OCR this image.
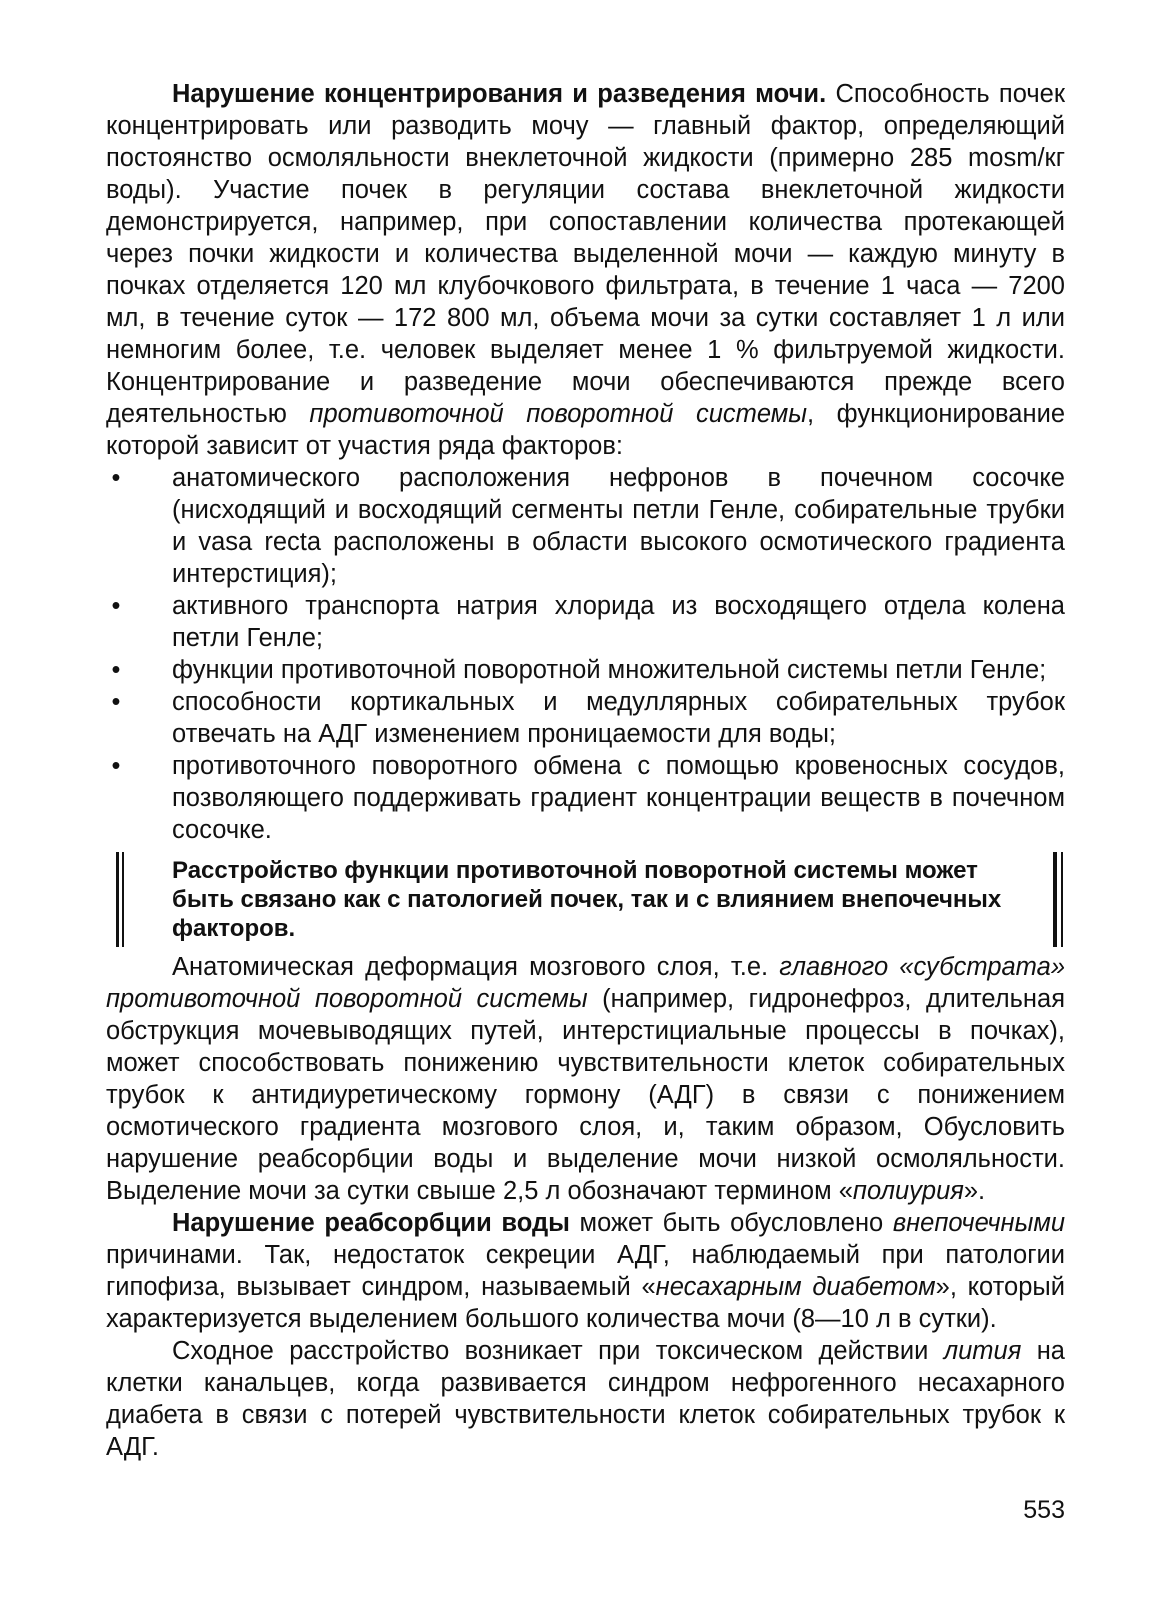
Нарушение концентрирования и разведения мочи. Способность почек концентрировать или разводить мочу — главный фактор, определяющий постоянство осмоляльности внеклеточной жидкости (примерно 285 mosm/кг воды). Участие почек в регуляции состава внеклеточной жидкости демонстрируется, например, при сопоставлении количества протекающей через почки жидкости и количества выделенной мочи — каждую минуту в почках отделяется 120 мл клубочкового фильтрата, в течение 1 часа — 7200 мл, в течение суток — 172 800 мл, объема мочи за сутки составляет 1 л или немногим более, т.е. человек выделяет менее 1 % фильтруемой жидкости. Концентрирование и разведение мочи обеспечиваются прежде всего деятельностью противоточной поворотной системы, функционирование которой зависит от участия ряда факторов:

• анатомического расположения нефронов в почечном сосочке (нисходящий и восходящий сегменты петли Генле, собирательные трубки и vasa recta расположены в области высокого осмотического градиента интерстиция);
• активного транспорта натрия хлорида из восходящего отдела колена петли Генле;
• функции противоточной поворотной множительной системы петли Генле;
• способности кортикальных и медуллярных собирательных трубок отвечать на АДГ изменением проницаемости для воды;
• противоточного поворотного обмена с помощью кровеносных сосудов, позволяющего поддерживать градиент концентрации веществ в почечном сосочке.
Расстройство функции противоточной поворотной системы может быть связано как с патологией почек, так и с влиянием внепочечных факторов.

Анатомическая деформация мозгового слоя, т.е. главного «субстрата» противоточной поворотной системы (например, гидронефроз, длительная обструкция мочевыводящих путей, интерстициальные процессы в почках), может способствовать понижению чувствительности клеток собирательных трубок к антидиуретическому гормону (АДГ) в связи с понижением осмотического градиента мозгового слоя, и, таким образом, Обусловить нарушение реабсорбции воды и выделение мочи низкой осмоляльности. Выделение мочи за сутки свыше 2,5 л обозначают термином «полиурия».

Нарушение реабсорбции воды может быть обусловлено внепочечными причинами. Так, недостаток секреции АДГ, наблюдаемый при патологии гипофиза, вызывает синдром, называемый «несахарным диабетом», который характеризуется выделением большого количества мочи (8—10 л в сутки).

Сходное расстройство возникает при токсическом действии лития на клетки канальцев, когда развивается синдром нефрогенного несахарного диабета в связи с потерей чувствительности клеток собирательных трубок к АДГ.

553
